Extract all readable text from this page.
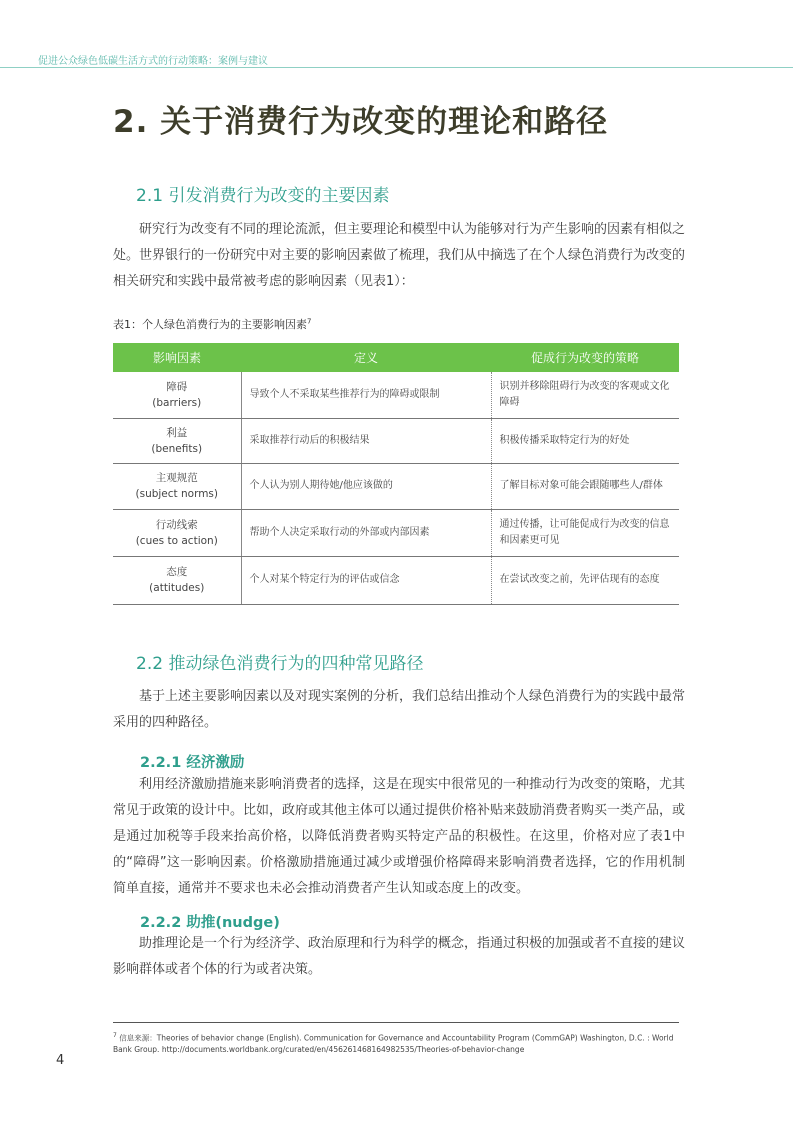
促进公众绿色低碳生活方式的行动策略：案例与建议
2. 关于消费行为改变的理论和路径
2.1 引发消费行为改变的主要因素
研究行为改变有不同的理论流派，但主要理论和模型中认为能够对行为产生影响的因素有相似之处。世界银行的一份研究中对主要的影响因素做了梳理，我们从中摘选了在个人绿色消费行为改变的相关研究和实践中最常被考虑的影响因素（见表1）：
表1：个人绿色消费行为的主要影响因素$^7$
影响因素	定义	促成行为改变的策略

障碍
(barriers)	导致个人不采取某些推荐行为的障碍或限制	识别并移除阻碍行为改变的客观或文化障碍

利益
(benefits)	采取推荐行动后的积极结果	积极传播采取特定行为的好处

主观规范
(subject norms)	个人认为别人期待她/他应该做的	了解目标对象可能会跟随哪些人/群体

行动线索
(cues to action)	帮助个人决定采取行动的外部或内部因素	通过传播，让可能促成行为改变的信息和因素更可见

态度
(attitudes)	个人对某个特定行为的评估或信念	在尝试改变之前，先评估现有的态度
2.2 推动绿色消费行为的四种常见路径
基于上述主要影响因素以及对现实案例的分析，我们总结出推动个人绿色消费行为的实践中最常采用的四种路径。
2.2.1 经济激励
利用经济激励措施来影响消费者的选择，这是在现实中很常见的一种推动行为改变的策略，尤其常见于政策的设计中。比如，政府或其他主体可以通过提供价格补贴来鼓励消费者购买一类产品，或是通过加税等手段来抬高价格，以降低消费者购买特定产品的积极性。在这里，价格对应了表1中的“障碍”这一影响因素。价格激励措施通过减少或增强价格障碍来影响消费者选择，它的作用机制简单直接，通常并不要求也未必会推动消费者产生认知或态度上的改变。
2.2.2 助推(nudge)
助推理论是一个行为经济学、政治原理和行为科学的概念，指通过积极的加强或者不直接的建议影响群体或者个体的行为或者决策。
$^7$ 信息来源：Theories of behavior change (English). Communication for Governance and Accountability Program (CommGAP) Washington, D.C. : World Bank Group. http://documents.worldbank.org/curated/en/456261468164982535/Theories-of-behavior-change
4
